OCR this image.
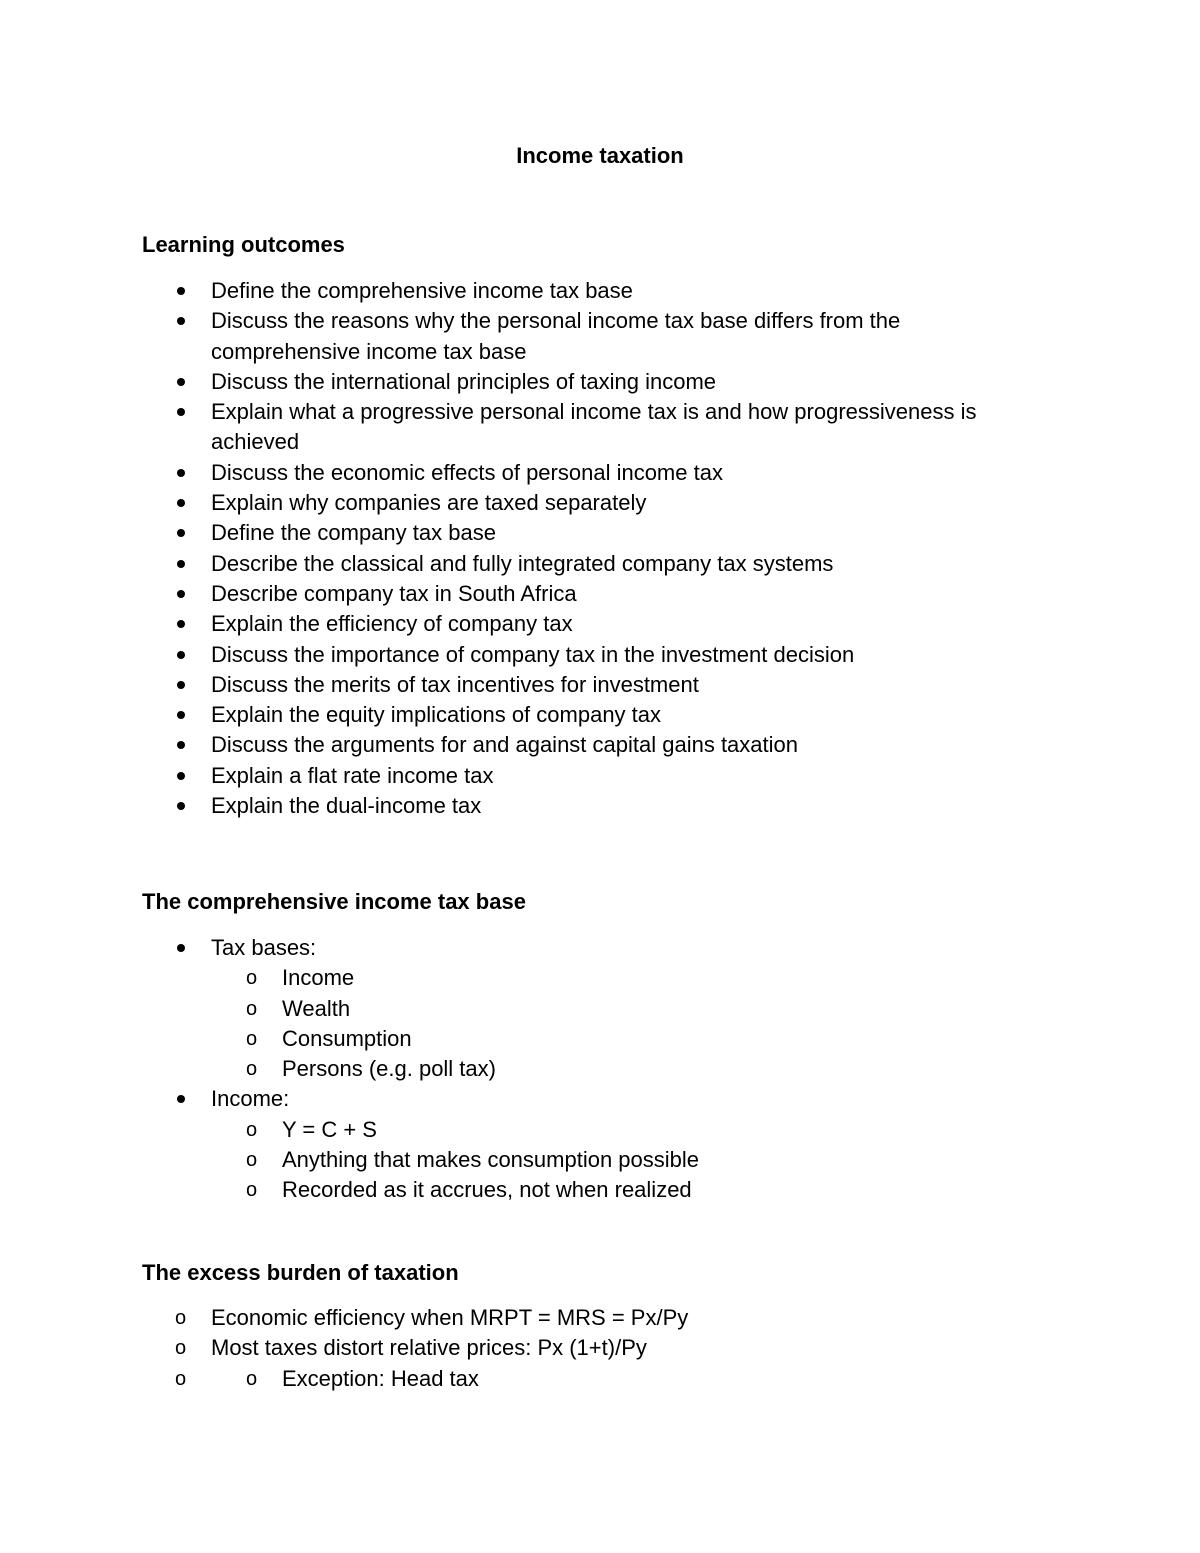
Income taxation
Learning outcomes
Define the comprehensive income tax base
Discuss the reasons why the personal income tax base differs from the comprehensive income tax base
Discuss the international principles of taxing income
Explain what a progressive personal income tax is and how progressiveness is achieved
Discuss the economic effects of personal income tax
Explain why companies are taxed separately
Define the company tax base
Describe the classical and fully integrated company tax systems
Describe company tax in South Africa
Explain the efficiency of company tax
Discuss the importance of company tax in the investment decision
Discuss the merits of tax incentives for investment
Explain the equity implications of company tax
Discuss the arguments for and against capital gains taxation
Explain a flat rate income tax
Explain the dual-income tax
The comprehensive income tax base
Tax bases:
o Income
o Wealth
o Consumption
o Persons (e.g. poll tax)
Income:
o Y = C + S
o Anything that makes consumption possible
o Recorded as it accrues, not when realized
The excess burden of taxation
o Economic efficiency when MRPT = MRS = Px/Py
o Most taxes distort relative prices: Px (1+t)/Py
o o Exception: Head tax
